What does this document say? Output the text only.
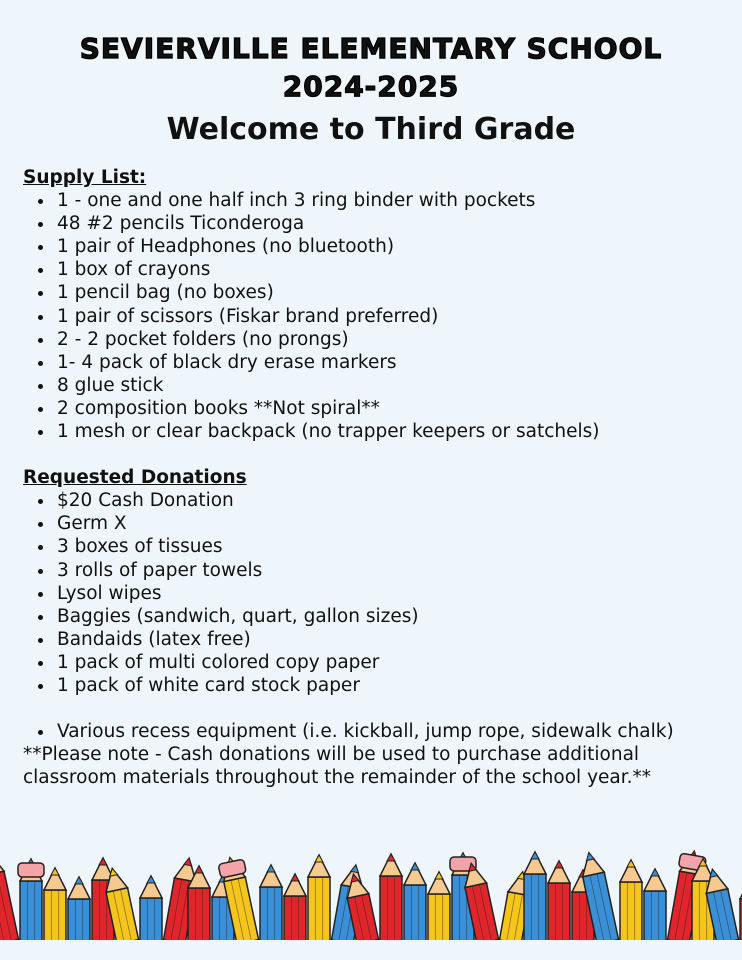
SEVIERVILLE ELEMENTARY SCHOOL
2024-2025
Welcome to Third Grade
Supply List:
• 1 - one and one half inch 3 ring binder with pockets
• 48 #2 pencils Ticonderoga
• 1 pair of Headphones (no bluetooth)
• 1 box of crayons
• 1 pencil bag (no boxes)
• 1 pair of scissors (Fiskar brand preferred)
• 2 - 2 pocket folders (no prongs)
• 1- 4 pack of black dry erase markers
• 8 glue stick
• 2 composition books **Not spiral**
• 1 mesh or clear backpack (no trapper keepers or satchels)
Requested Donations
• $20 Cash Donation
• Germ X
• 3 boxes of tissues
• 3 rolls of paper towels
• Lysol wipes
• Baggies (sandwich, quart, gallon sizes)
• Bandaids (latex free)
• 1 pack of multi colored copy paper
• 1 pack of white card stock paper
• Various recess equipment (i.e. kickball, jump rope, sidewalk chalk)

**Please note - Cash donations will be used to purchase additional classroom materials throughout the remainder of the school year.**
